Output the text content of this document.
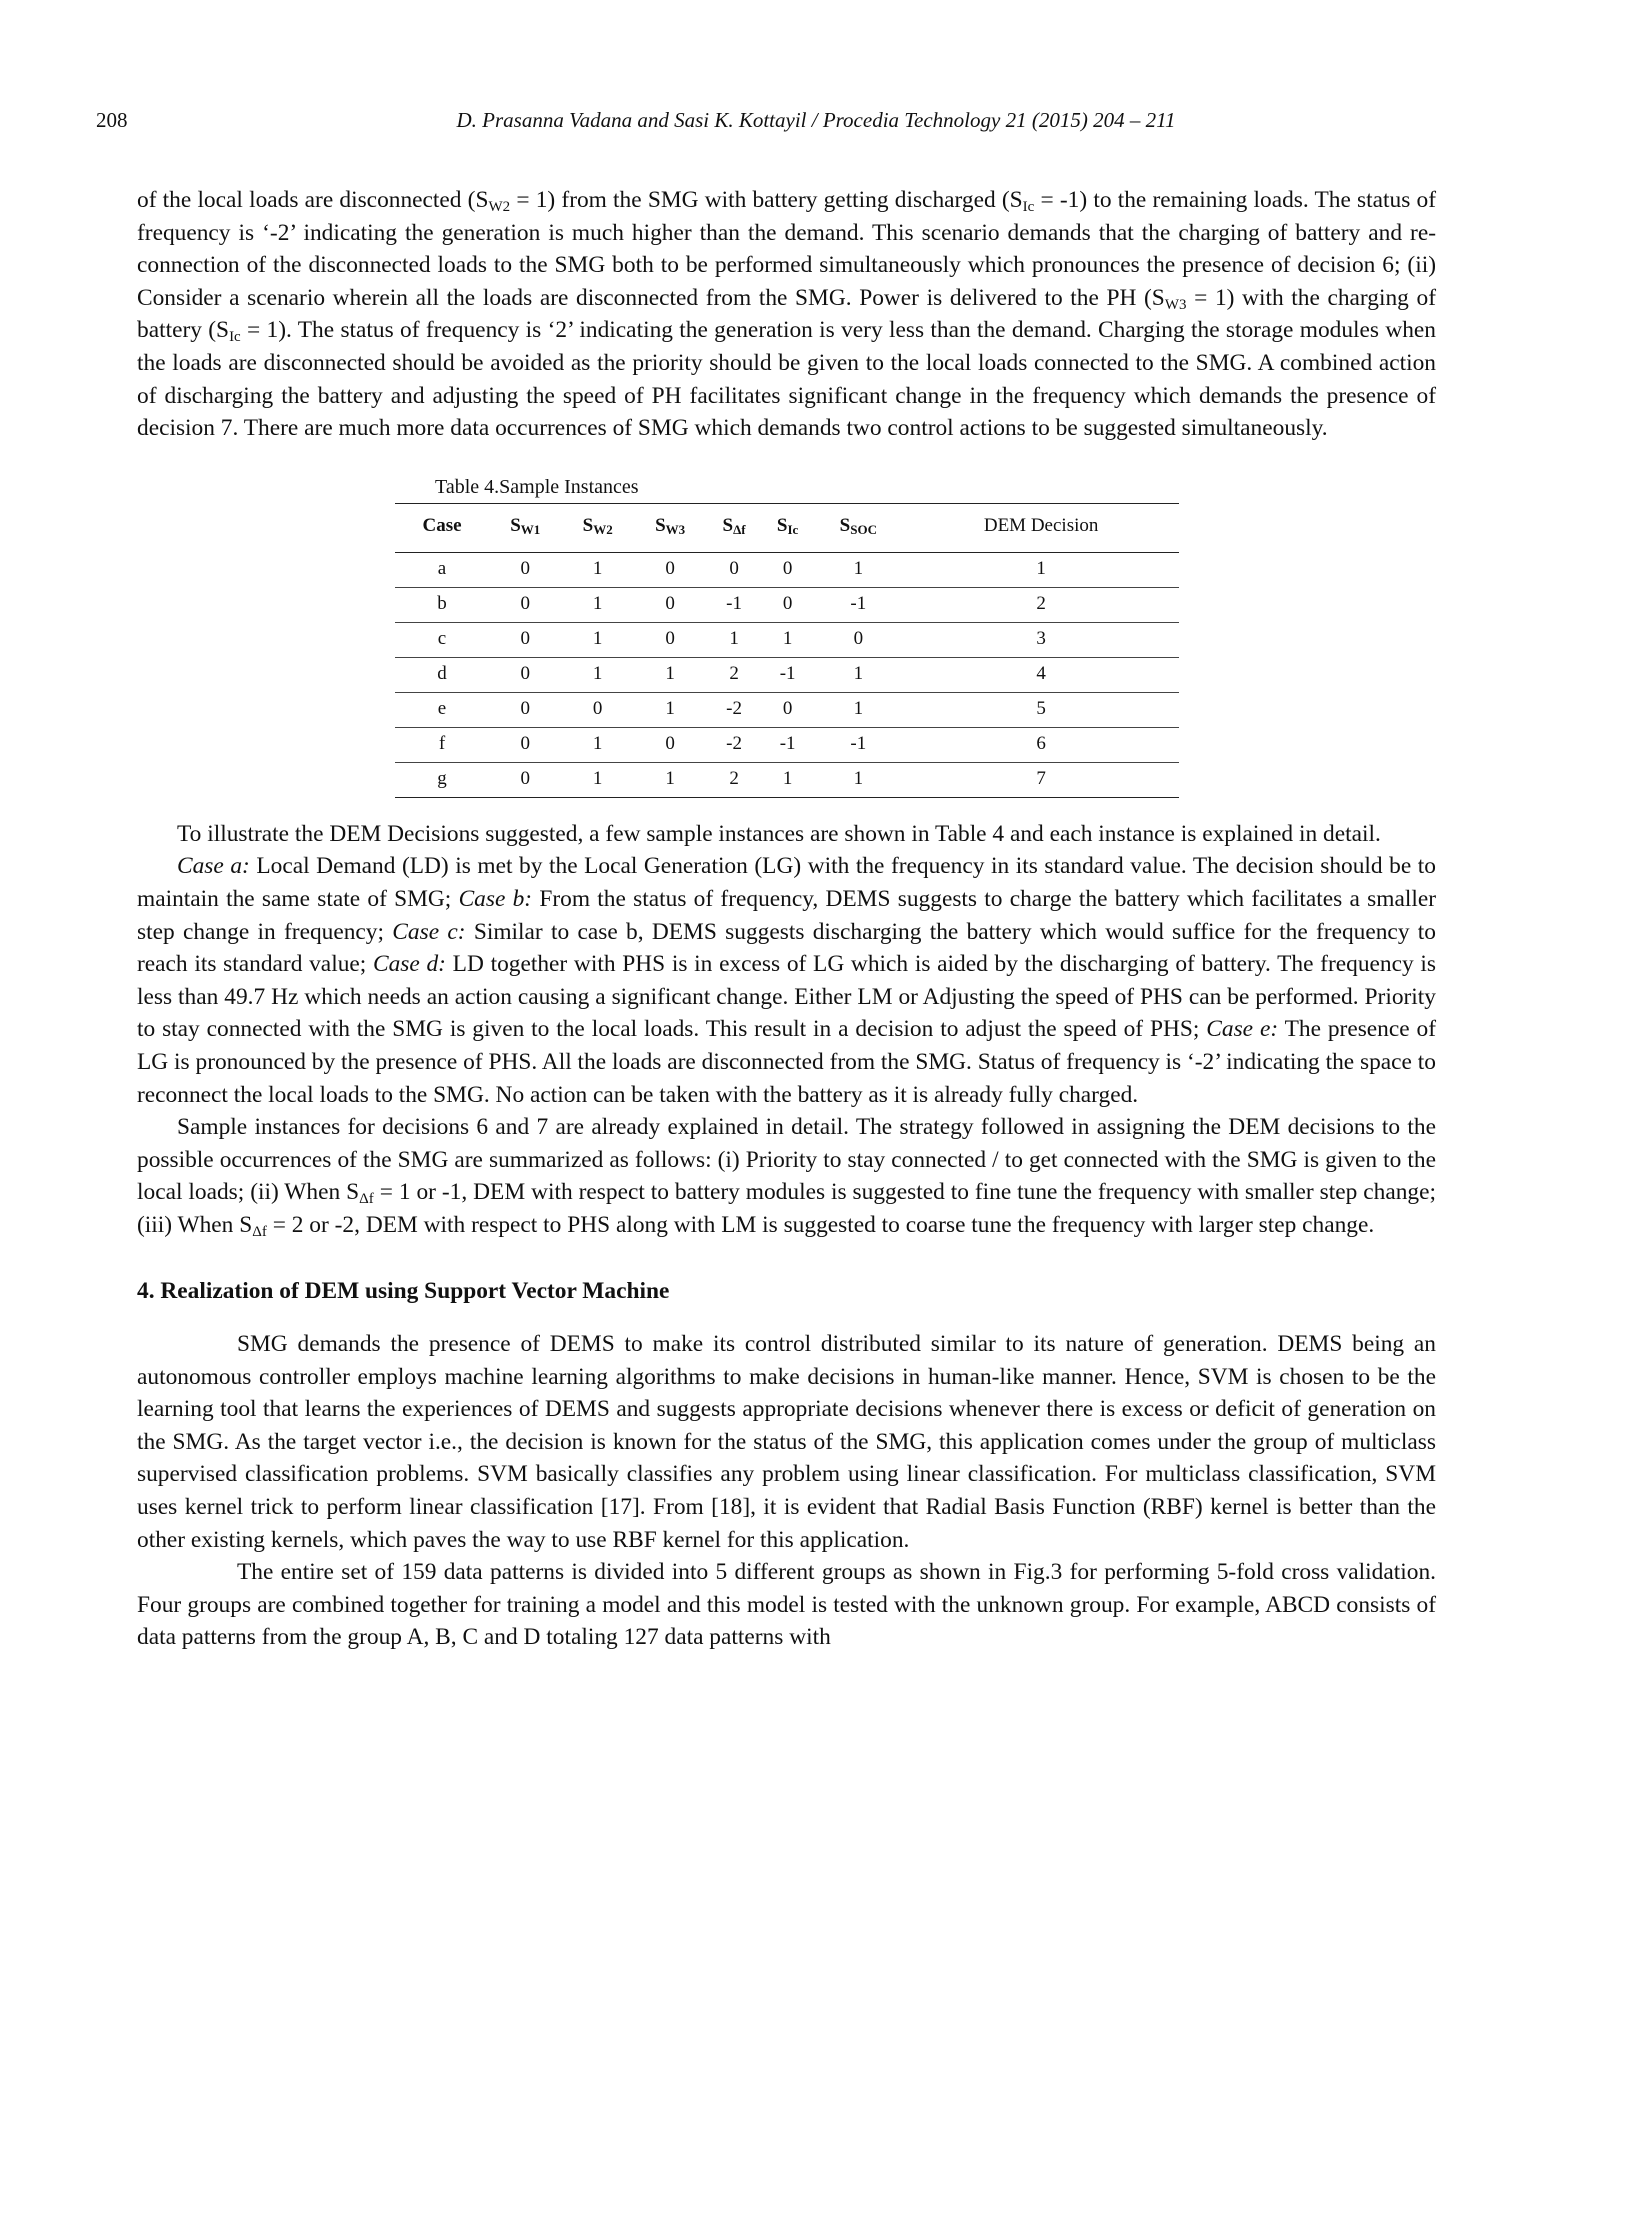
208	D. Prasanna Vadana and Sasi K. Kottayil / Procedia Technology 21 (2015) 204 – 211

of the local loads are disconnected $(S_{W2} = 1)$ from the SMG with battery getting discharged $(S_{Ic} = -1)$ to the remaining loads. The status of frequency is ‘-2’ indicating the generation is much higher than the demand. This scenario demands that the charging of battery and re-connection of the disconnected loads to the SMG both to be performed simultaneously which pronounces the presence of decision 6; (ii) Consider a scenario wherein all the loads are disconnected from the SMG. Power is delivered to the PH $(S_{W3} = 1)$ with the charging of battery $(S_{Ic} = 1)$. The status of frequency is ‘2’ indicating the generation is very less than the demand. Charging the storage modules when the loads are disconnected should be avoided as the priority should be given to the local loads connected to the SMG. A combined action of discharging the battery and adjusting the speed of PH facilitates significant change in the frequency which demands the presence of decision 7. There are much more data occurrences of SMG which demands two control actions to be suggested simultaneously.

Table 4.Sample Instances
Case	SW1	SW2	SW3	SΔf	SIc	SSOC	DEM Decision
a	0	1	0	0	0	1	1
b	0	1	0	-1	0	-1	2
c	0	1	0	1	1	0	3
d	0	1	1	2	-1	1	4
e	0	0	1	-2	0	1	5
f	0	1	0	-2	-1	-1	6
g	0	1	1	2	1	1	7

To illustrate the DEM Decisions suggested, a few sample instances are shown in Table 4 and each instance is explained in detail.

Case a: Local Demand (LD) is met by the Local Generation (LG) with the frequency in its standard value. The decision should be to maintain the same state of SMG; Case b: From the status of frequency, DEMS suggests to charge the battery which facilitates a smaller step change in frequency; Case c: Similar to case b, DEMS suggests discharging the battery which would suffice for the frequency to reach its standard value; Case d: LD together with PHS is in excess of LG which is aided by the discharging of battery. The frequency is less than 49.7 Hz which needs an action causing a significant change. Either LM or Adjusting the speed of PHS can be performed. Priority to stay connected with the SMG is given to the local loads. This result in a decision to adjust the speed of PHS; Case e: The presence of LG is pronounced by the presence of PHS. All the loads are disconnected from the SMG. Status of frequency is ‘-2’ indicating the space to reconnect the local loads to the SMG. No action can be taken with the battery as it is already fully charged.

Sample instances for decisions 6 and 7 are already explained in detail. The strategy followed in assigning the DEM decisions to the possible occurrences of the SMG are summarized as follows: (i) Priority to stay connected / to get connected with the SMG is given to the local loads; (ii) When $S_{\Delta f} = 1$ or -1, DEM with respect to battery modules is suggested to fine tune the frequency with smaller step change; (iii) When $S_{\Delta f} = 2$ or -2, DEM with respect to PHS along with LM is suggested to coarse tune the frequency with larger step change.

4. Realization of DEM using Support Vector Machine

SMG demands the presence of DEMS to make its control distributed similar to its nature of generation. DEMS being an autonomous controller employs machine learning algorithms to make decisions in human-like manner. Hence, SVM is chosen to be the learning tool that learns the experiences of DEMS and suggests appropriate decisions whenever there is excess or deficit of generation on the SMG. As the target vector i.e., the decision is known for the status of the SMG, this application comes under the group of multiclass supervised classification problems. SVM basically classifies any problem using linear classification. For multiclass classification, SVM uses kernel trick to perform linear classification [17]. From [18], it is evident that Radial Basis Function (RBF) kernel is better than the other existing kernels, which paves the way to use RBF kernel for this application.

The entire set of 159 data patterns is divided into 5 different groups as shown in Fig.3 for performing 5-fold cross validation. Four groups are combined together for training a model and this model is tested with the unknown group. For example, ABCD consists of data patterns from the group A, B, C and D totaling 127 data patterns with
